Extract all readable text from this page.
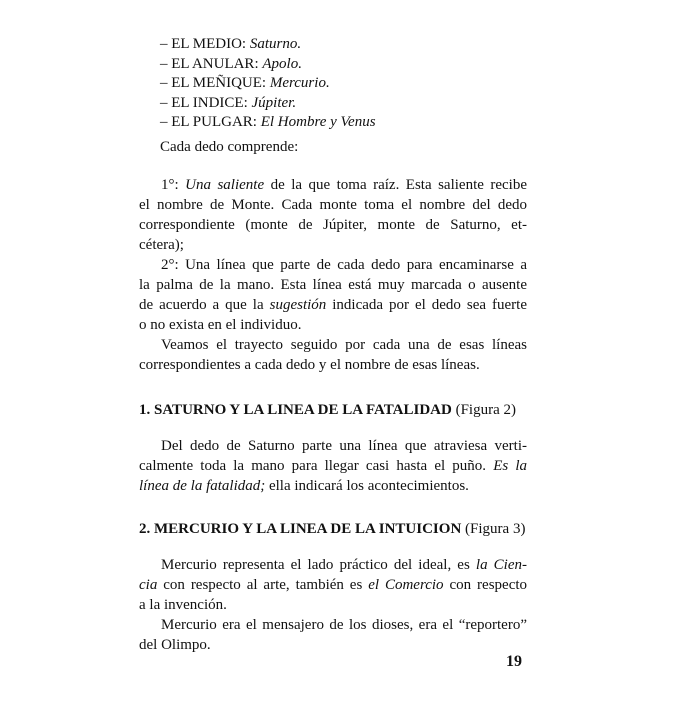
– EL MEDIO: Saturno.
– EL ANULAR: Apolo.
– EL MEÑIQUE: Mercurio.
– EL INDICE: Júpiter.
– EL PULGAR: El Hombre y Venus
Cada dedo comprende:
1°: Una saliente de la que toma raíz. Esta saliente recibe
el nombre de Monte. Cada monte toma el nombre del dedo
correspondiente (monte de Júpiter, monte de Saturno, et-
cétera);
2°: Una línea que parte de cada dedo para encaminarse a
la palma de la mano. Esta línea está muy marcada o ausente
de acuerdo a que la sugestión indicada por el dedo sea fuerte
o no exista en el individuo.
Veamos el trayecto seguido por cada una de esas líneas
correspondientes a cada dedo y el nombre de esas líneas.
1. SATURNO Y LA LINEA DE LA FATALIDAD (Figura 2)
Del dedo de Saturno parte una línea que atraviesa verti-
calmente toda la mano para llegar casi hasta el puño. Es la
línea de la fatalidad; ella indicará los acontecimientos.
2. MERCURIO Y LA LINEA DE LA INTUICION (Figura 3)
Mercurio representa el lado práctico del ideal, es la Cien-
cia con respecto al arte, también es el Comercio con respecto
a la invención.
Mercurio era el mensajero de los dioses, era el “reportero”
del Olimpo.
19
